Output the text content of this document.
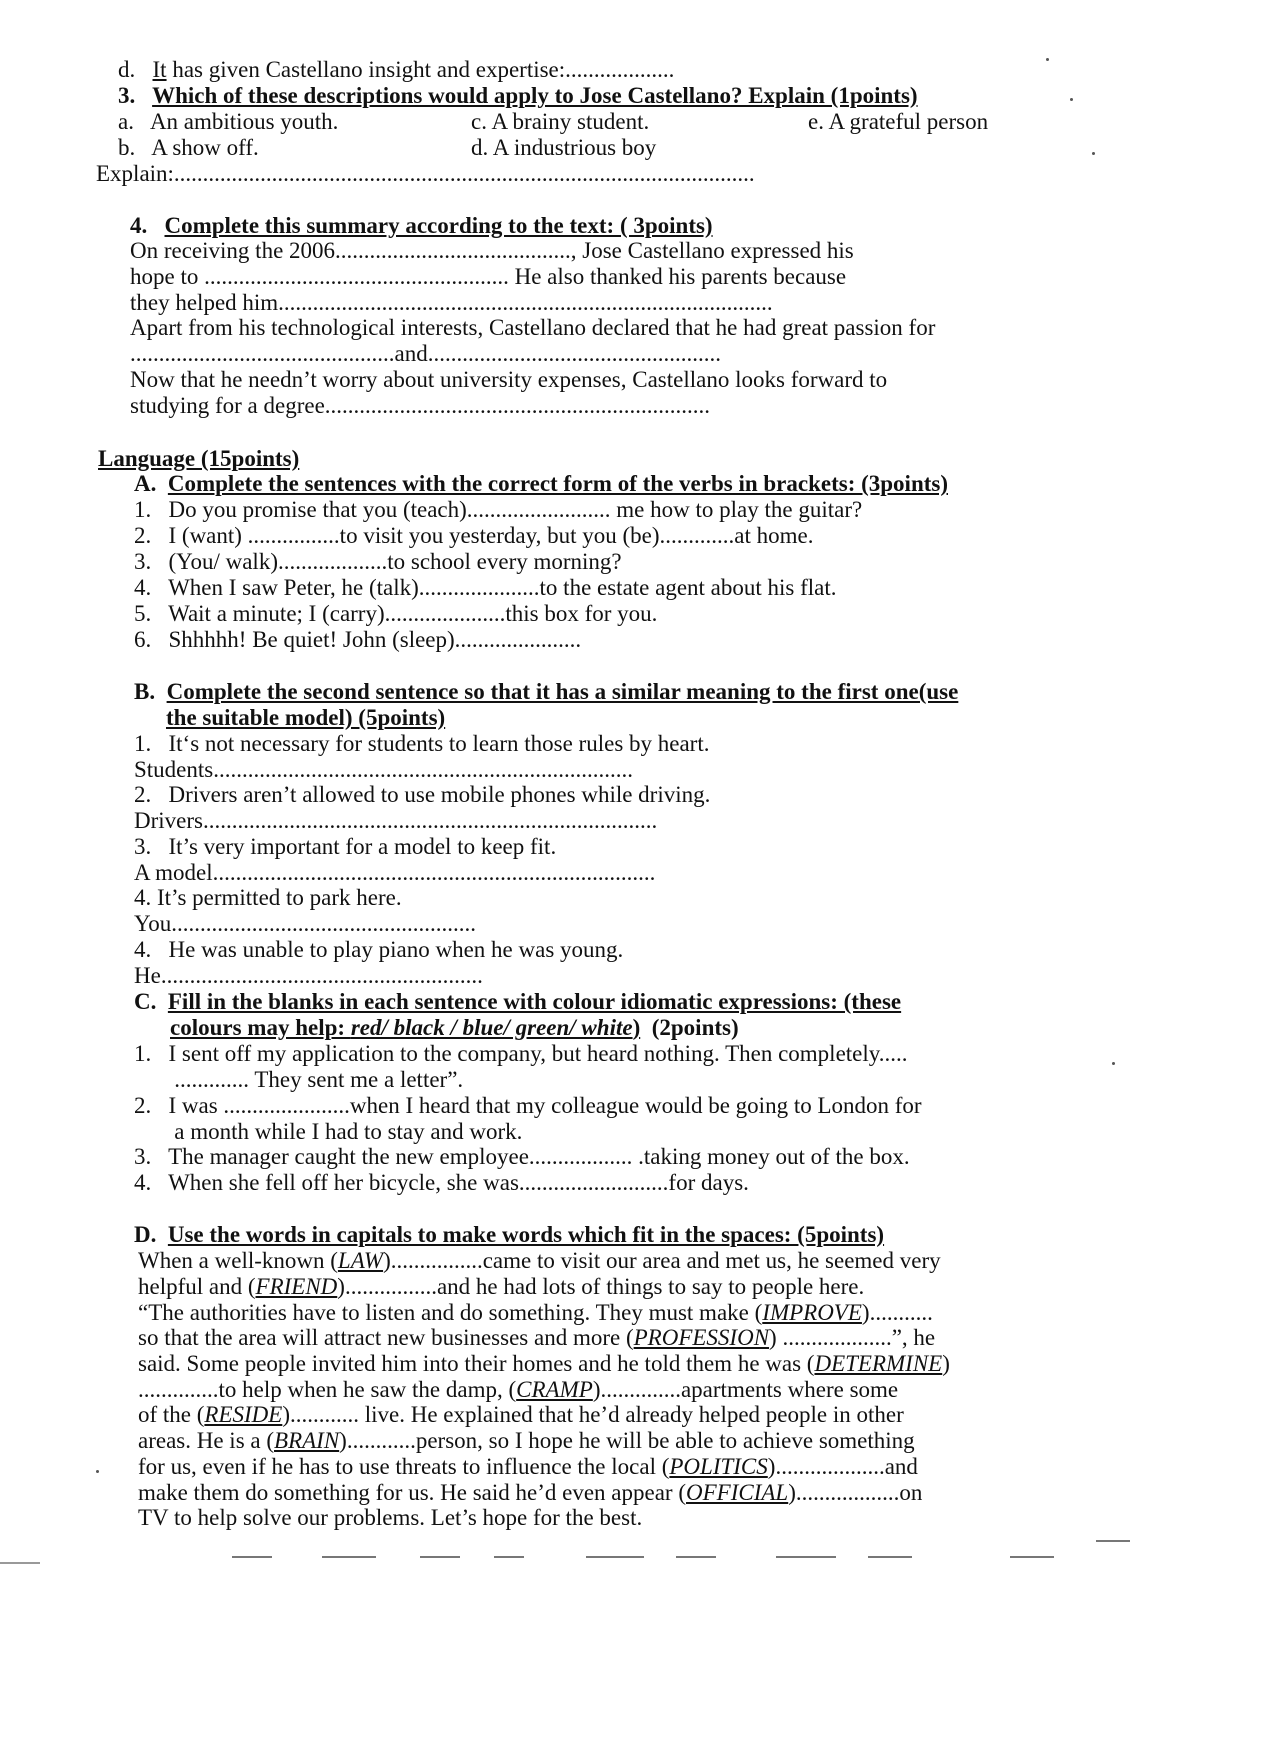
d. It has given Castellano insight and expertise:...................
3. Which of these descriptions would apply to Jose Castellano? Explain (1points)
a.   An ambitious youth.	c. A brainy student.	e. A grateful person
b.   A show off.	d. A industrious boy
Explain:.....................................................................................................
4. Complete this summary according to the text: ( 3points)
On receiving the 2006........................................., Jose Castellano expressed his
hope to ..................................................... He also thanked his parents because
they helped him......................................................................................
Apart from his technological interests, Castellano declared that he had great passion for
..............................................and...................................................
Now that he needn’t worry about university expenses, Castellano looks forward to
studying for a degree...................................................................
Language (15points)
A. Complete the sentences with the correct form of the verbs in brackets: (3points)
1.   Do you promise that you (teach)......................... me how to play the guitar?
2.   I (want) ................to visit you yesterday, but you (be).............at home.
3.   (You/ walk)...................to school every morning?
4.   When I saw Peter, he (talk).....................to the estate agent about his flat.
5.   Wait a minute; I (carry).....................this box for you.
6.   Shhhhh! Be quiet! John (sleep)......................
B. Complete the second sentence so that it has a similar meaning to the first one(use
the suitable model) (5points)
1.   It‘s not necessary for students to learn those rules by heart.
Students.........................................................................
2.   Drivers aren’t allowed to use mobile phones while driving.
Drivers...............................................................................
3.   It’s very important for a model to keep fit.
A model.............................................................................
4. It’s permitted to park here.
You.....................................................
4.   He was unable to play piano when he was young.
He........................................................
C. Fill in the blanks in each sentence with colour idiomatic expressions: (these
colours may help: red/ black / blue/ green/ white)  (2points)
1.   I sent off my application to the company, but heard nothing. Then completely.....
............. They sent me a letter”.
2.   I was ......................when I heard that my colleague would be going to London for
a month while I had to stay and work.
3.   The manager caught the new employee.................. .taking money out of the box.
4.   When she fell off her bicycle, she was..........................for days.
D. Use the words in capitals to make words which fit in the spaces: (5points)
When a well-known (LAW)................came to visit our area and met us, he seemed very
helpful and (FRIEND)................and he had lots of things to say to people here.
“The authorities have to listen and do something. They must make (IMPROVE)...........
so that the area will attract new businesses and more (PROFESSION) ...................”, he
said. Some people invited him into their homes and he told them he was (DETERMINE)
..............to help when he saw the damp, (CRAMP)..............apartments where some
of the (RESIDE)............ live. He explained that he’d already helped people in other
areas. He is a (BRAIN)............person, so I hope he will be able to achieve something
for us, even if he has to use threats to influence the local (POLITICS)...................and
make them do something for us. He said he’d even appear (OFFICIAL)..................on
TV to help solve our problems. Let’s hope for the best.
